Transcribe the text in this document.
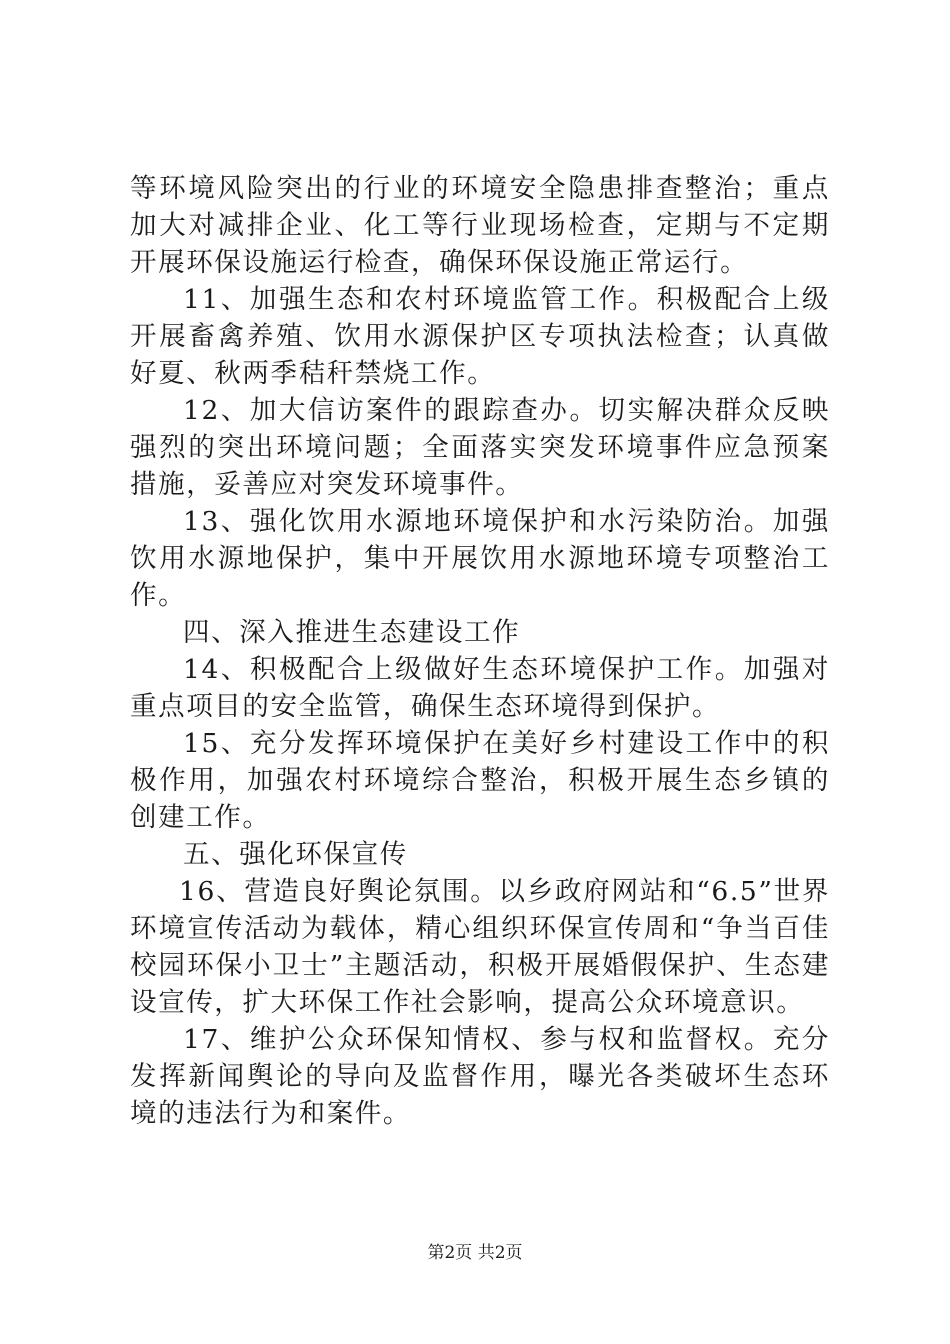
等环境风险突出的行业的环境安全隐患排查整治；重点加大对减排企业、化工等行业现场检查，定期与不定期开展环保设施运行检查，确保环保设施正常运行。

11、加强生态和农村环境监管工作。积极配合上级开展畜禽养殖、饮用水源保护区专项执法检查；认真做好夏、秋两季秸秆禁烧工作。

12、加大信访案件的跟踪查办。切实解决群众反映强烈的突出环境问题；全面落实突发环境事件应急预案措施，妥善应对突发环境事件。

13、强化饮用水源地环境保护和水污染防治。加强饮用水源地保护，集中开展饮用水源地环境专项整治工作。

四、深入推进生态建设工作

14、积极配合上级做好生态环境保护工作。加强对重点项目的安全监管，确保生态环境得到保护。

15、充分发挥环境保护在美好乡村建设工作中的积极作用，加强农村环境综合整治，积极开展生态乡镇的创建工作。

五、强化环保宣传

16、营造良好舆论氛围。以乡政府网站和“6.5”世界环境宣传活动为载体，精心组织环保宣传周和“争当百佳校园环保小卫士”主题活动，积极开展婚假保护、生态建设宣传，扩大环保工作社会影响，提高公众环境意识。

17、维护公众环保知情权、参与权和监督权。充分发挥新闻舆论的导向及监督作用，曝光各类破坏生态环境的违法行为和案件。

第2页 共2页
